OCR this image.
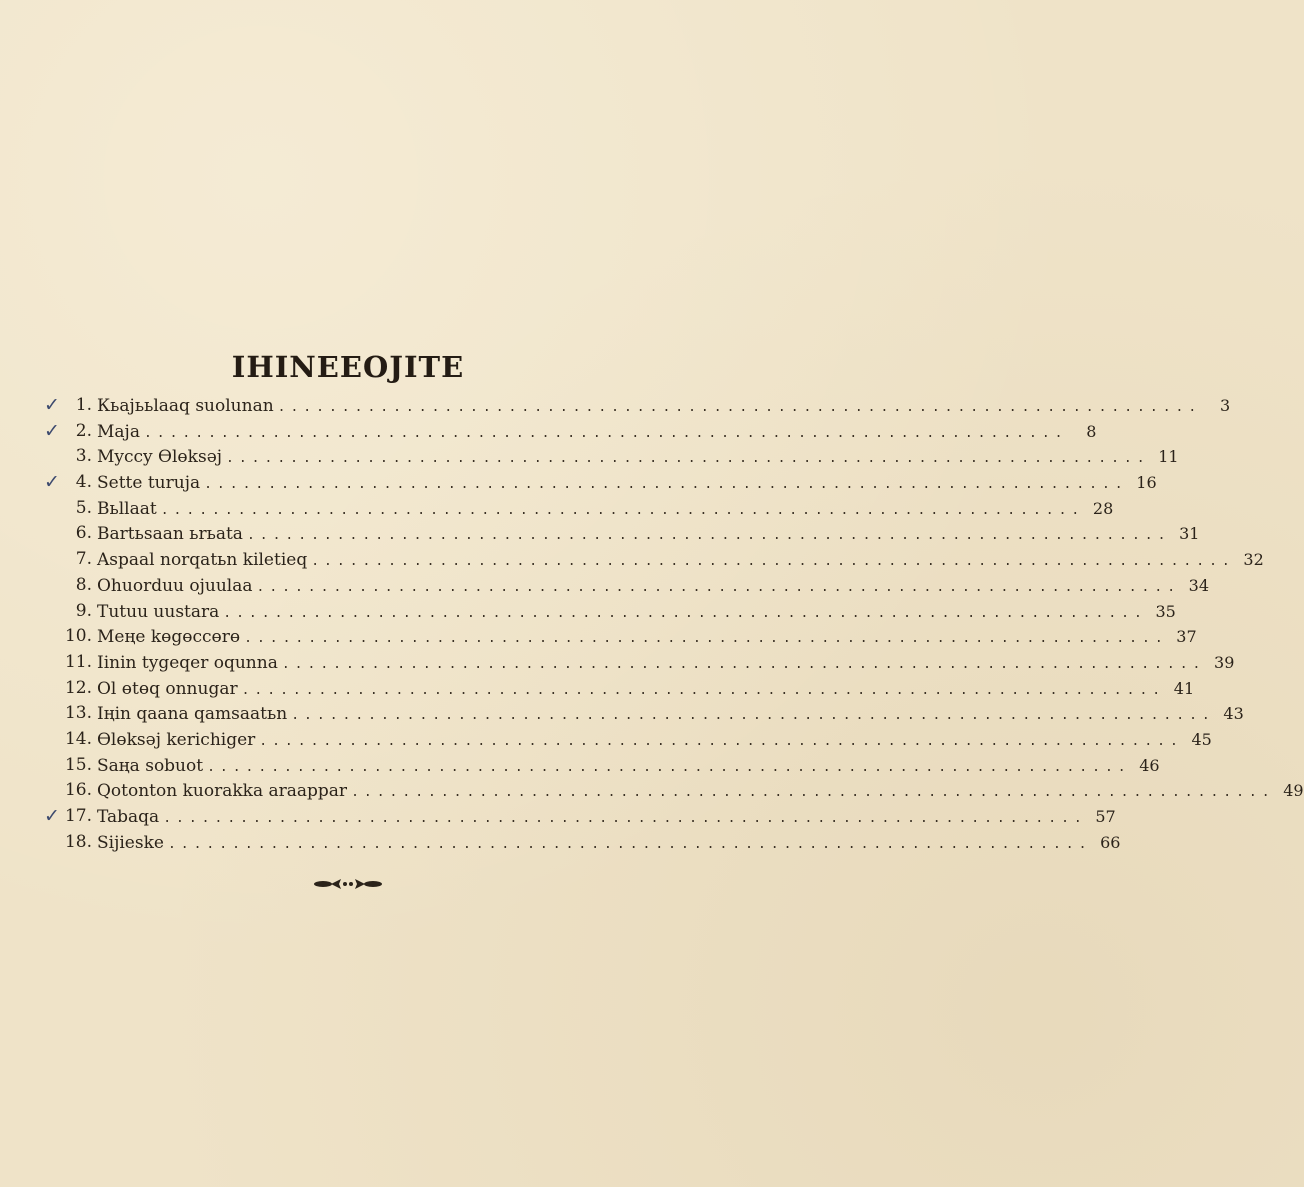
IHINEEOJITE
✓ 1. Кьajььlaaq suolunan ........................................................................	3
✓ 2. Maja ........................................................................	8
3. Myccy Өlөksәj ........................................................................ 11
✓ 4. Sette turuja ........................................................................ 16
5. Вьllaat ........................................................................ 28
6. Bartьsaan ьrьata ........................................................................ 31
7. Aspaal norqatьn kiletieq ........................................................................ 32
8. Ohuorduu ojuulaa ........................................................................ 34
9. Tutuu uustara ........................................................................ 35
10. Meңe kөgөccөrө ........................................................................ 37
11. Iinin tygeqer oqunna ........................................................................ 39
12. Ol өtөq onnugar ........................................................................ 41
13. Iңin qaana qamsaatьn ........................................................................ 43
14. Өlөksәj kerichiger ........................................................................ 45
15. Saңa sobuot ........................................................................ 46
16. Qotonton kuorakka araappar ........................................................................ 49
✓ 17. Tabaqa ........................................................................ 57
18. Sijieske ........................................................................ 66
